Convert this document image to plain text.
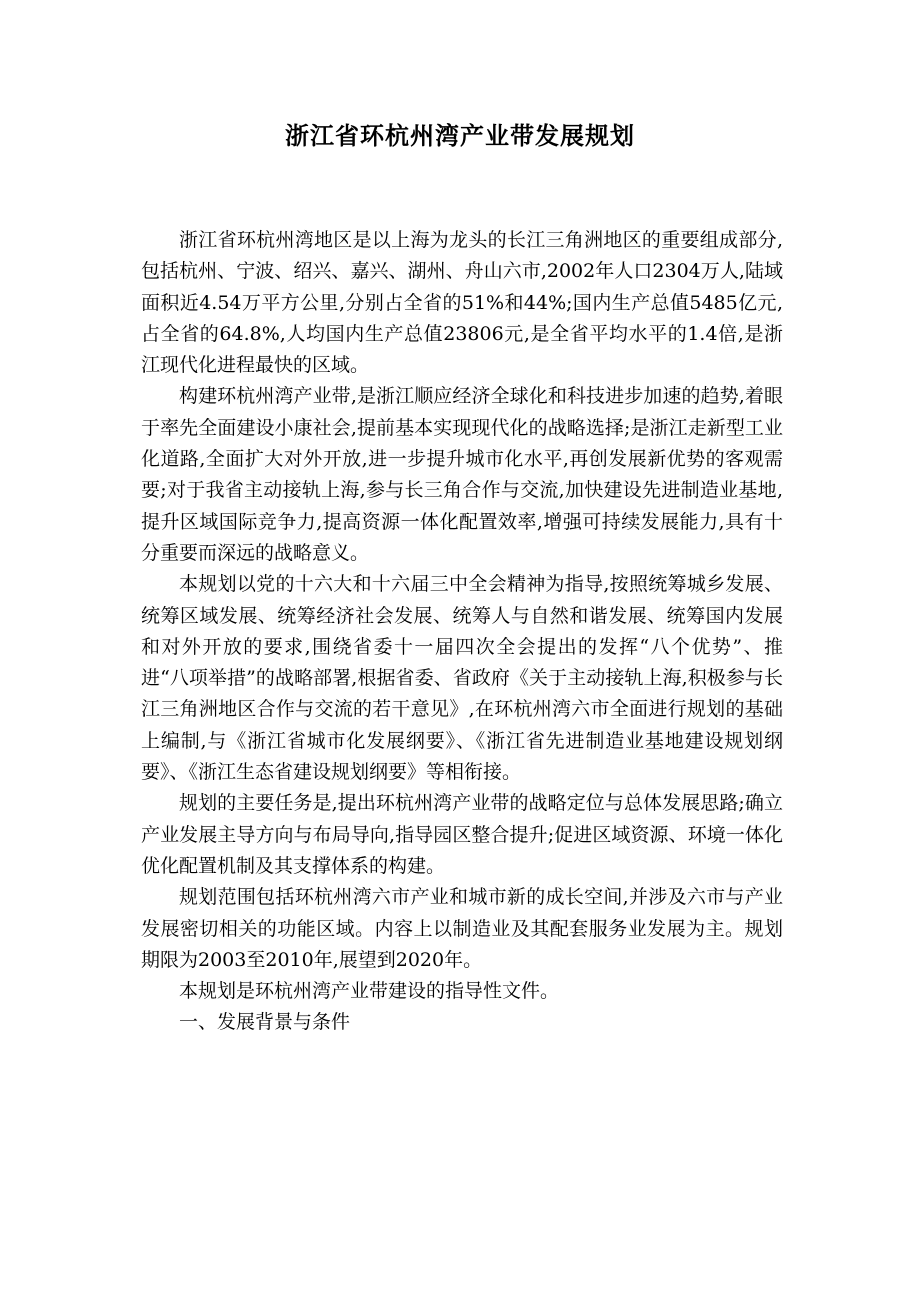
浙江省环杭州湾产业带发展规划

浙江省环杭州湾地区是以上海为龙头的长江三角洲地区的重要组成部分,包括杭州、宁波、绍兴、嘉兴、湖州、舟山六市,2002年人口2304万人,陆域面积近4.54万平方公里,分别占全省的51%和44%;国内生产总值5485亿元,占全省的64.8%,人均国内生产总值23806元,是全省平均水平的1.4倍,是浙江现代化进程最快的区域。

构建环杭州湾产业带,是浙江顺应经济全球化和科技进步加速的趋势,着眼于率先全面建设小康社会,提前基本实现现代化的战略选择;是浙江走新型工业化道路,全面扩大对外开放,进一步提升城市化水平,再创发展新优势的客观需要;对于我省主动接轨上海,参与长三角合作与交流,加快建设先进制造业基地,提升区域国际竞争力,提高资源一体化配置效率,增强可持续发展能力,具有十分重要而深远的战略意义。

本规划以党的十六大和十六届三中全会精神为指导,按照统筹城乡发展、统筹区域发展、统筹经济社会发展、统筹人与自然和谐发展、统筹国内发展和对外开放的要求,围绕省委十一届四次全会提出的发挥“八个优势”、推进“八项举措”的战略部署,根据省委、省政府《关于主动接轨上海,积极参与长江三角洲地区合作与交流的若干意见》,在环杭州湾六市全面进行规划的基础上编制,与《浙江省城市化发展纲要》、《浙江省先进制造业基地建设规划纲要》、《浙江生态省建设规划纲要》等相衔接。

规划的主要任务是,提出环杭州湾产业带的战略定位与总体发展思路;确立产业发展主导方向与布局导向,指导园区整合提升;促进区域资源、环境一体化优化配置机制及其支撑体系的构建。

规划范围包括环杭州湾六市产业和城市新的成长空间,并涉及六市与产业发展密切相关的功能区域。内容上以制造业及其配套服务业发展为主。规划期限为2003至2010年,展望到2020年。

本规划是环杭州湾产业带建设的指导性文件。

一、发展背景与条件
